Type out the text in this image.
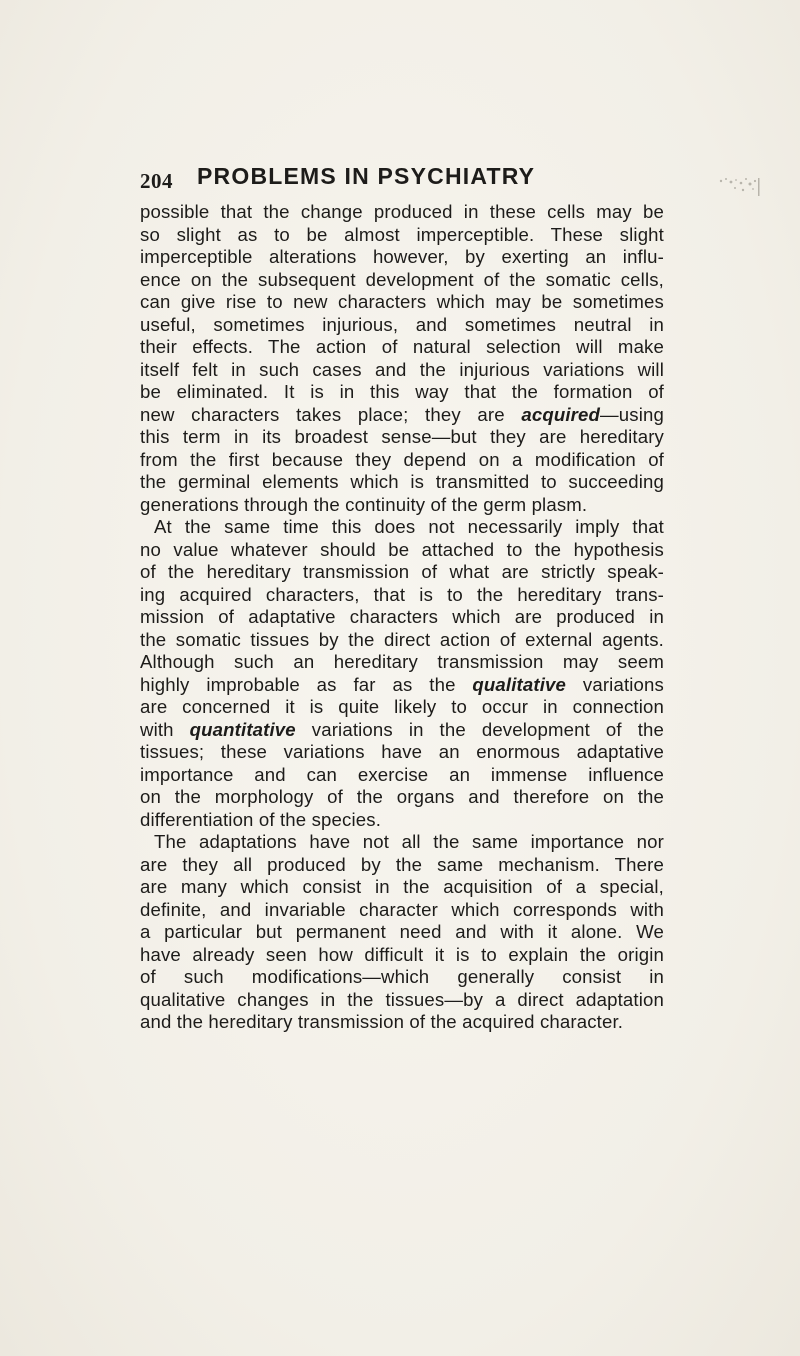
204 PROBLEMS IN PSYCHIATRY
possible that the change produced in these cells may be
so slight as to be almost imperceptible. These slight
imperceptible alterations however, by exerting an influ-
ence on the subsequent development of the somatic cells,
can give rise to new characters which may be sometimes
useful, sometimes injurious, and sometimes neutral in
their effects. The action of natural selection will make
itself felt in such cases and the injurious variations will
be eliminated. It is in this way that the formation of
new characters takes place; they are acquired—using
this term in its broadest sense—but they are hereditary
from the first because they depend on a modification of
the germinal elements which is transmitted to succeeding
generations through the continuity of the germ plasm.
At the same time this does not necessarily imply that
no value whatever should be attached to the hypothesis
of the hereditary transmission of what are strictly speak-
ing acquired characters, that is to the hereditary trans-
mission of adaptative characters which are produced in
the somatic tissues by the direct action of external agents.
Although such an hereditary transmission may seem
highly improbable as far as the qualitative variations
are concerned it is quite likely to occur in connection
with quantitative variations in the development of the
tissues; these variations have an enormous adaptative
importance and can exercise an immense influence
on the morphology of the organs and therefore on the
differentiation of the species.
The adaptations have not all the same importance nor
are they all produced by the same mechanism. There
are many which consist in the acquisition of a special,
definite, and invariable character which corresponds with
a particular but permanent need and with it alone. We
have already seen how difficult it is to explain the origin
of such modifications—which generally consist in
qualitative changes in the tissues—by a direct adaptation
and the hereditary transmission of the acquired character.
